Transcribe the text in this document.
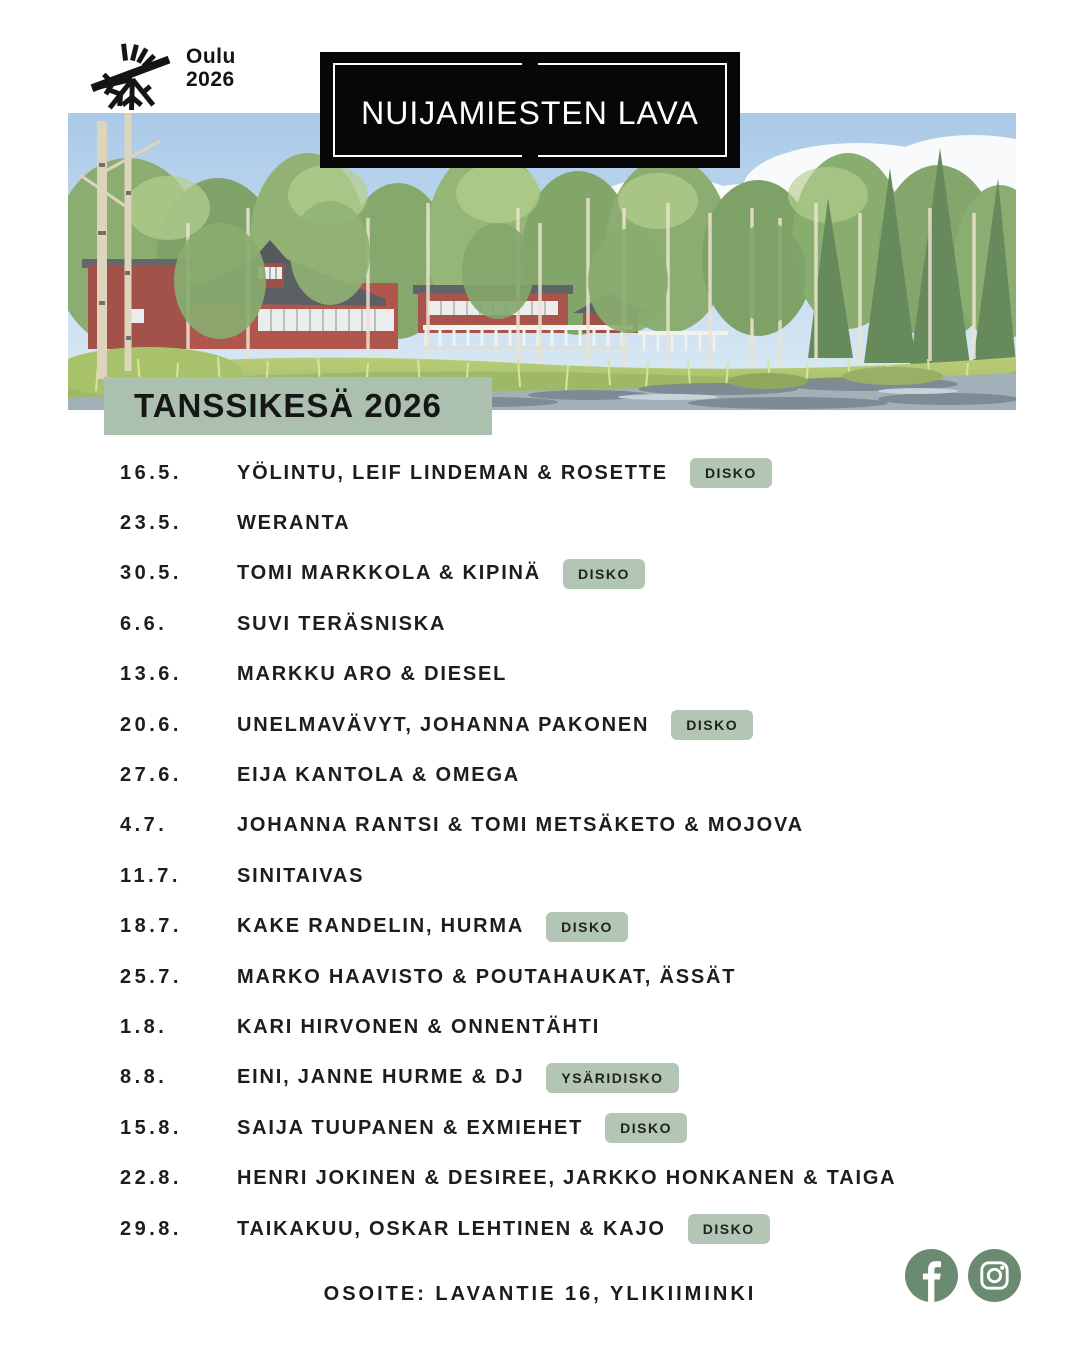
Oulu
2026
NUIJAMIESTEN LAVA
TANSSIKESÄ 2026
16.5.	YÖLINTU, LEIF LINDEMAN & ROSETTE	DISKO
23.5.	WERANTA
30.5.	TOMI MARKKOLA & KIPINÄ	DISKO
6.6.	SUVI TERÄSNISKA
13.6.	MARKKU ARO & DIESEL
20.6.	UNELMAVÄVYT, JOHANNA PAKONEN	DISKO
27.6.	EIJA KANTOLA & OMEGA
4.7.	JOHANNA RANTSI & TOMI METSÄKETO & MOJOVA
11.7.	SINITAIVAS
18.7.	KAKE RANDELIN, HURMA	DISKO
25.7.	MARKO HAAVISTO & POUTAHAUKAT, ÄSSÄT
1.8.	KARI HIRVONEN & ONNENTÄHTI
8.8.	EINI, JANNE HURME & DJ	YSÄRIDISKO
15.8.	SAIJA TUUPANEN & EXMIEHET	DISKO
22.8.	HENRI JOKINEN & DESIREE, JARKKO HONKANEN & TAIGA
29.8.	TAIKAKUU, OSKAR LEHTINEN & KAJO	DISKO
OSOITE: LAVANTIE 16, YLIKIIMINKI
